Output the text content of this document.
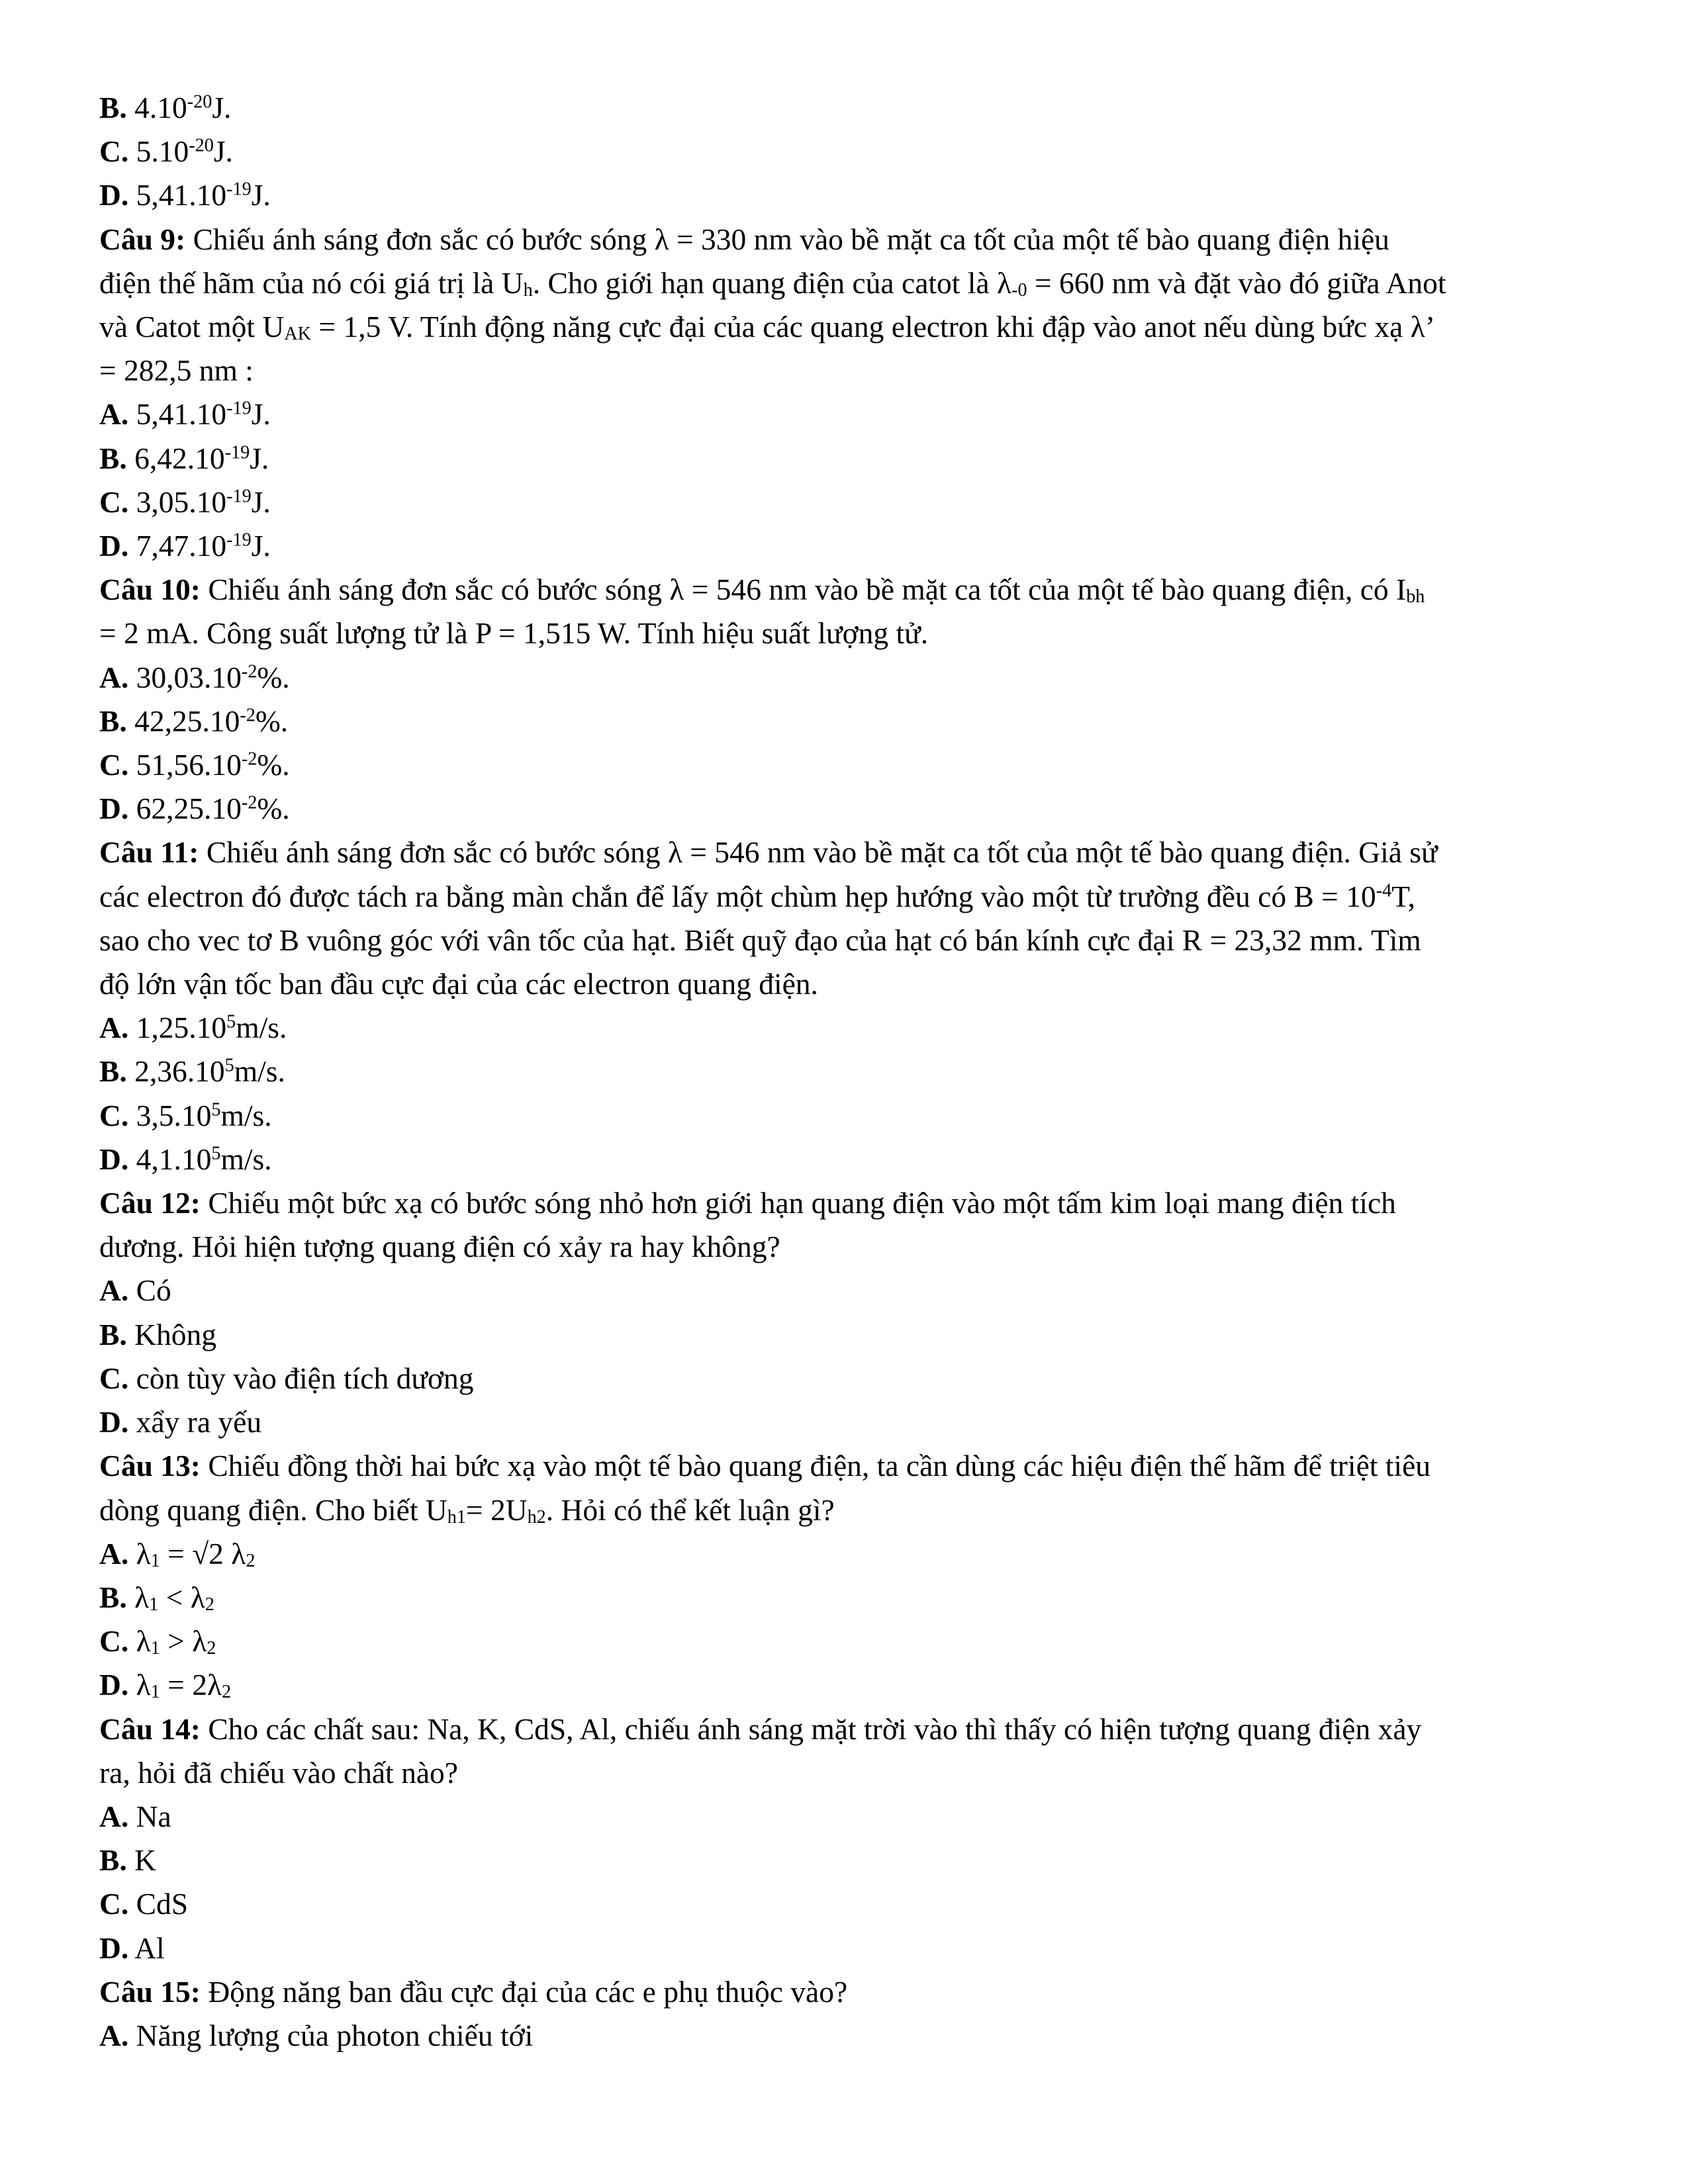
B. $4.10^{-20}J$.

C. $5.10^{-20}J$.

D. $5,41.10^{-19}J$.

Câu 9: Chiếu ánh sáng đơn sắc có bước sóng λ = 330 nm vào bề mặt ca tốt của một tế bào quang điện hiệu

điện thế hãm của nó cói giá trị là $U_h$. Cho giới hạn quang điện của catot là $\lambda_{-0} = 660$ nm và đặt vào đó giữa Anot

và Catot một $U_{AK} = 1,5$ V. Tính động năng cực đại của các quang electron khi đập vào anot nếu dùng bức xạ λ’

= 282,5 nm :

A. $5,41.10^{-19}J$.

B. $6,42.10^{-19}J$.

C. $3,05.10^{-19}J$.

D. $7,47.10^{-19}J$.

Câu 10: Chiếu ánh sáng đơn sắc có bước sóng λ = 546 nm vào bề mặt ca tốt của một tế bào quang điện, có $I_{bh}$

= 2 mA. Công suất lượng tử là P = 1,515 W. Tính hiệu suất lượng tử.

A. $30,03.10^{-2}\%$.

B. $42,25.10^{-2}\%$.

C. $51,56.10^{-2}\%$.

D. $62,25.10^{-2}\%$.

Câu 11: Chiếu ánh sáng đơn sắc có bước sóng λ = 546 nm vào bề mặt ca tốt của một tế bào quang điện. Giả sử

các electron đó được tách ra bằng màn chắn để lấy một chùm hẹp hướng vào một từ trường đều có $B = 10^{-4}T$,

sao cho vec tơ B vuông góc với vân tốc của hạt. Biết quỹ đạo của hạt có bán kính cực đại R = 23,32 mm. Tìm

độ lớn vận tốc ban đầu cực đại của các electron quang điện.

A. 1,25.10$^5$m/s.

B. 2,36.10$^5$m/s.

C. 3,5.10$^5$m/s.

D. 4,1.10$^5$m/s.

Câu 12: Chiếu một bức xạ có bước sóng nhỏ hơn giới hạn quang điện vào một tấm kim loại mang điện tích

dương. Hỏi hiện tượng quang điện có xảy ra hay không?

A. Có

B. Không

C. còn tùy vào điện tích dương

D. xẩy ra yếu

Câu 13: Chiếu đồng thời hai bức xạ vào một tế bào quang điện, ta cần dùng các hiệu điện thế hãm để triệt tiêu

dòng quang điện. Cho biết $U_{h1}= 2U_{h2}$. Hỏi có thể kết luận gì?

A. $\lambda_1 = √2$ $\lambda_2$

B. $\lambda_1 < \lambda_2$

C. $\lambda_1 > \lambda_2$

D. $\lambda_1 = 2\lambda_2$

Câu 14: Cho các chất sau: Na, K, CdS, Al, chiếu ánh sáng mặt trời vào thì thấy có hiện tượng quang điện xảy

ra, hỏi đã chiếu vào chất nào?

A. Na

B. K

C. CdS

D. Al

Câu 15: Động năng ban đầu cực đại của các e phụ thuộc vào?

A. Năng lượng của photon chiếu tới
